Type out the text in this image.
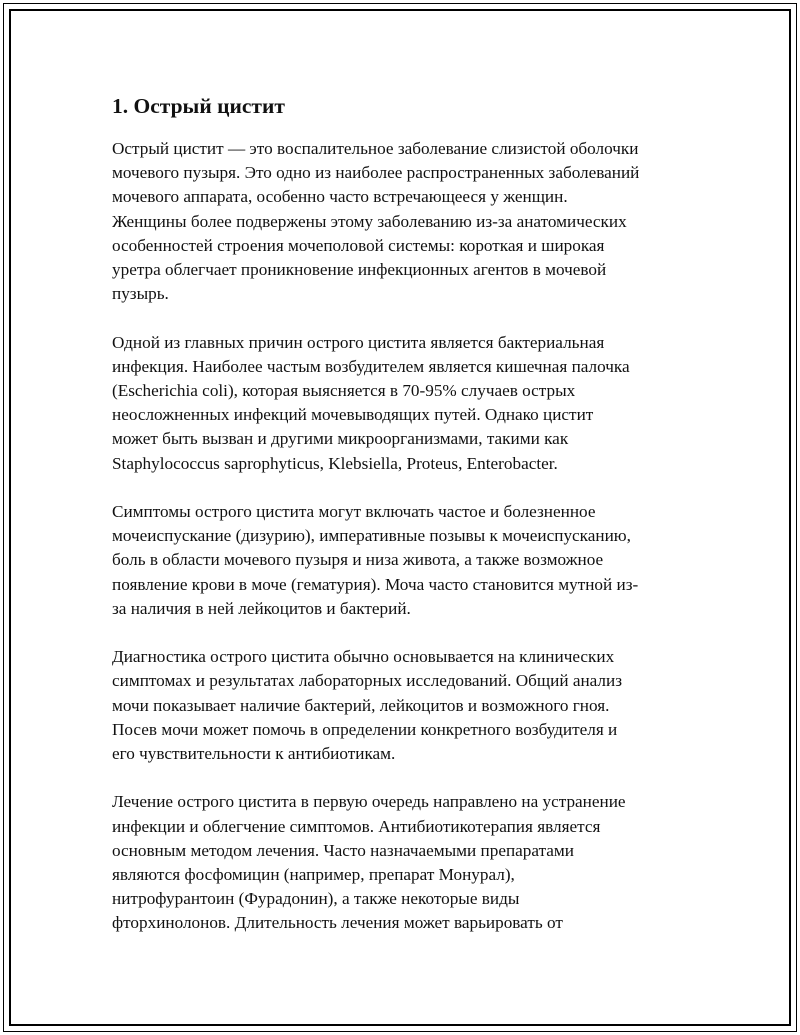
1. Острый цистит
Острый цистит — это воспалительное заболевание слизистой оболочки
мочевого пузыря. Это одно из наиболее распространенных заболеваний
мочевого аппарата, особенно часто встречающееся у женщин.
Женщины более подвержены этому заболеванию из-за анатомических
особенностей строения мочеполовой системы: короткая и широкая
уретра облегчает проникновение инфекционных агентов в мочевой
пузырь.
Одной из главных причин острого цистита является бактериальная
инфекция. Наиболее частым возбудителем является кишечная палочка
(Escherichia coli), которая выясняется в 70-95% случаев острых
неосложненных инфекций мочевыводящих путей. Однако цистит
может быть вызван и другими микроорганизмами, такими как
Staphylococcus saprophyticus, Klebsiella, Proteus, Enterobacter.
Симптомы острого цистита могут включать частое и болезненное
мочеиспускание (дизурию), императивные позывы к мочеиспусканию,
боль в области мочевого пузыря и низа живота, а также возможное
появление крови в моче (гематурия). Моча часто становится мутной из-
за наличия в ней лейкоцитов и бактерий.
Диагностика острого цистита обычно основывается на клинических
симптомах и результатах лабораторных исследований. Общий анализ
мочи показывает наличие бактерий, лейкоцитов и возможного гноя.
Посев мочи может помочь в определении конкретного возбудителя и
его чувствительности к антибиотикам.
Лечение острого цистита в первую очередь направлено на устранение
инфекции и облегчение симптомов. Антибиотикотерапия является
основным методом лечения. Часто назначаемыми препаратами
являются фосфомицин (например, препарат Монурал),
нитрофурантоин (Фурадонин), а также некоторые виды
фторхинолонов. Длительность лечения может варьировать от
